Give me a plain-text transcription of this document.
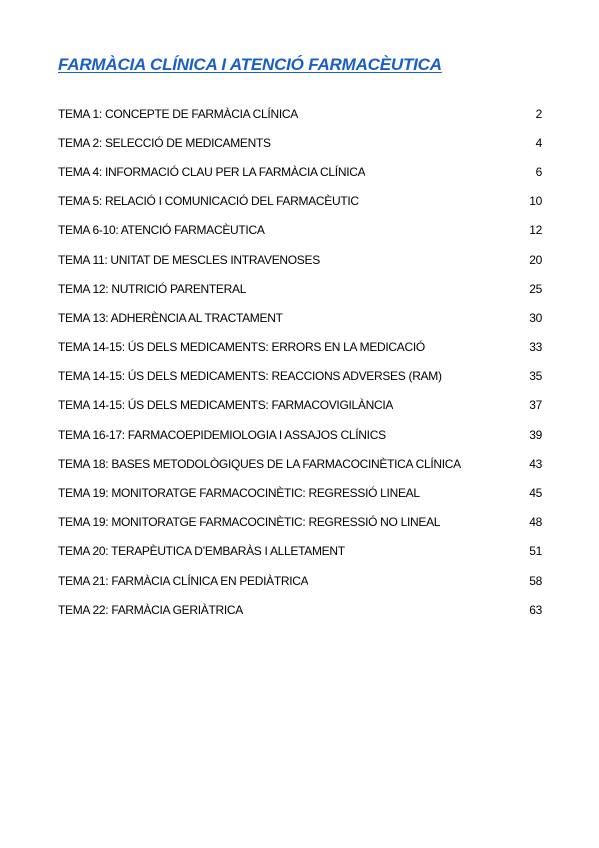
FARMÀCIA CLÍNICA I ATENCIÓ FARMACÈUTICA
TEMA 1: CONCEPTE DE FARMÀCIA CLÍNICA	2
TEMA 2: SELECCIÓ DE MEDICAMENTS	4
TEMA 4: INFORMACIÓ CLAU PER LA FARMÀCIA CLÍNICA	6
TEMA 5: RELACIÓ I COMUNICACIÓ DEL FARMACÈUTIC	10
TEMA 6-10: ATENCIÓ FARMACÈUTICA	12
TEMA 11: UNITAT DE MESCLES INTRAVENOSES	20
TEMA 12: NUTRICIÓ PARENTERAL	25
TEMA 13: ADHERÈNCIA AL TRACTAMENT	30
TEMA 14-15: ÚS DELS MEDICAMENTS: ERRORS EN LA MEDICACIÓ	33
TEMA 14-15: ÚS DELS MEDICAMENTS: REACCIONS ADVERSES (RAM)	35
TEMA 14-15: ÚS DELS MEDICAMENTS: FARMACOVIGILÀNCIA	37
TEMA 16-17: FARMACOEPIDEMIOLOGIA I ASSAJOS CLÍNICS	39
TEMA 18: BASES METODOLÒGIQUES DE LA FARMACOCINÈTICA CLÍNICA	43
TEMA 19: MONITORATGE FARMACOCINÈTIC: REGRESSIÓ LINEAL	45
TEMA 19: MONITORATGE FARMACOCINÈTIC: REGRESSIÓ NO LINEAL	48
TEMA 20: TERAPÈUTICA D’EMBARÀS I ALLETAMENT	51
TEMA 21: FARMÀCIA CLÍNICA EN PEDIÀTRICA	58
TEMA 22: FARMÀCIA GERIÀTRICA	63
